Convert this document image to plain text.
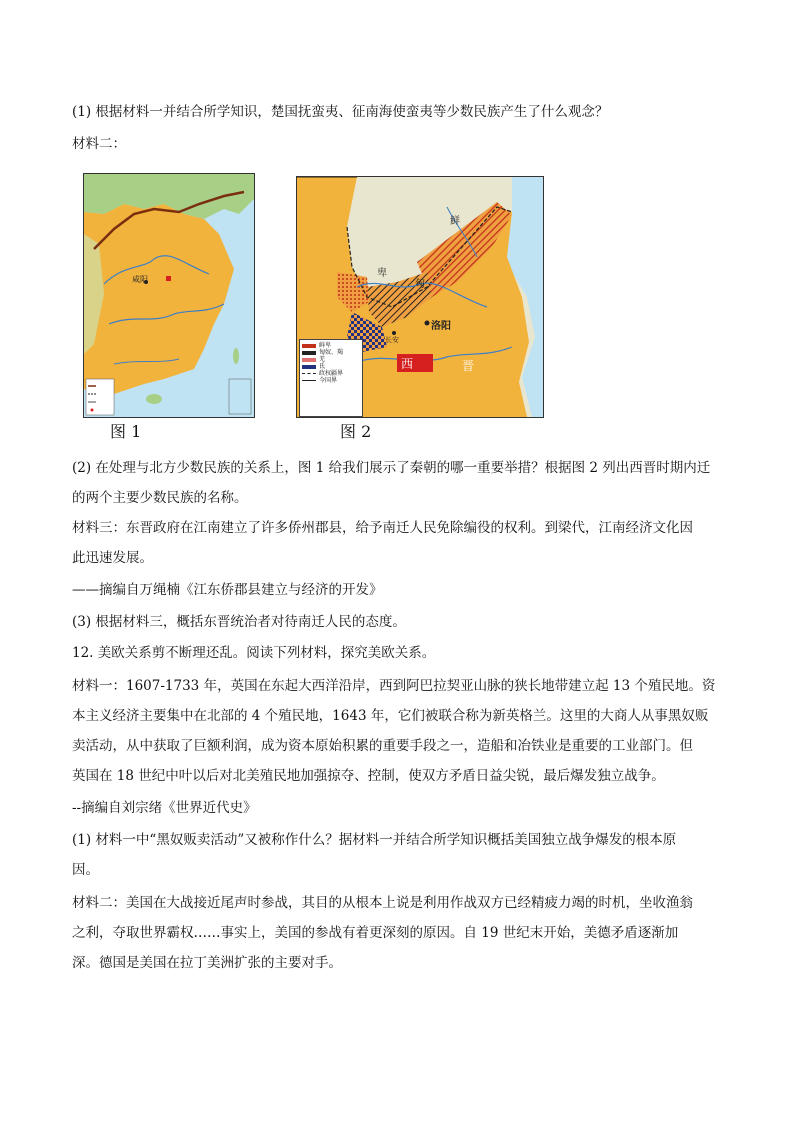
(1) 根据材料一并结合所学知识，楚国抚蛮夷、征南海使蛮夷等少数民族产生了什么观念？
材料二：
咸阳
鲜
卑
匈
洛阳
长安
西	晋
鲜卑
匈奴、羯
羌
氐
政权疆界
今国界
图 1	图 2
(2) 在处理与北方少数民族的关系上，图 1 给我们展示了秦朝的哪一重要举措？根据图 2 列出西晋时期内迁
的两个主要少数民族的名称。
材料三：东晋政府在江南建立了许多侨州郡县，给予南迁人民免除编役的权利。到梁代，江南经济文化因
此迅速发展。
——摘编自万绳楠《江东侨郡县建立与经济的开发》
(3) 根据材料三，概括东晋统治者对待南迁人民的态度。
12. 美欧关系剪不断理还乱。阅读下列材料，探究美欧关系。
材料一：1607-1733 年，英国在东起大西洋沿岸，西到阿巴拉契亚山脉的狭长地带建立起 13 个殖民地。资
本主义经济主要集中在北部的 4 个殖民地，1643 年，它们被联合称为新英格兰。这里的大商人从事黑奴贩
卖活动，从中获取了巨额利润，成为资本原始积累的重要手段之一，造船和冶铁业是重要的工业部门。但
英国在 18 世纪中叶以后对北美殖民地加强掠夺、控制，使双方矛盾日益尖锐，最后爆发独立战争。
--摘编自刘宗绪《世界近代史》
(1) 材料一中“黑奴贩卖活动”又被称作什么？据材料一并结合所学知识概括美国独立战争爆发的根本原
因。
材料二：美国在大战接近尾声时参战，其目的从根本上说是利用作战双方已经精疲力竭的时机，坐收渔翁
之利，夺取世界霸权……事实上，美国的参战有着更深刻的原因。自 19 世纪末开始，美德矛盾逐渐加
深。德国是美国在拉丁美洲扩张的主要对手。
